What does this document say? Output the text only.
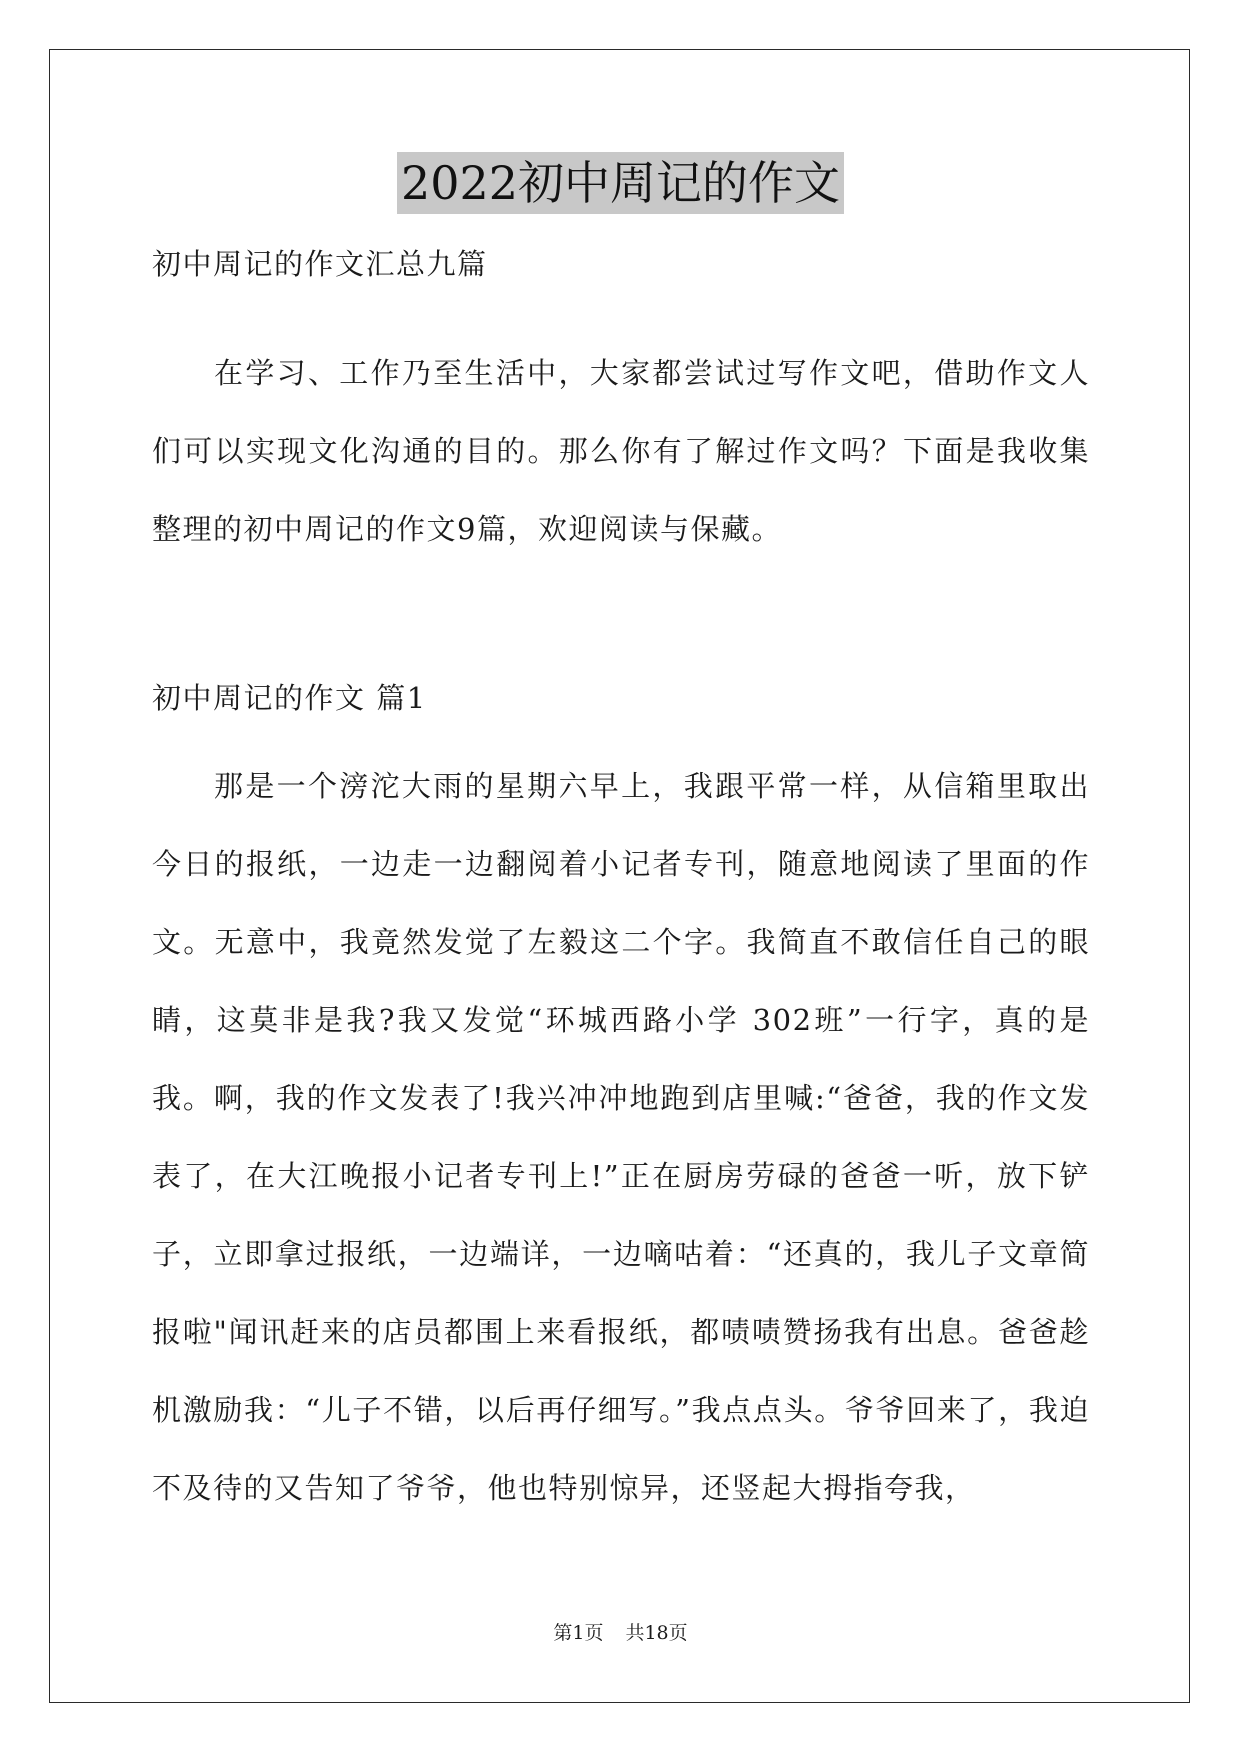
2022初中周记的作文

初中周记的作文汇总九篇

在学习、工作乃至生活中，大家都尝试过写作文吧，借助作文人们可以实现文化沟通的目的。那么你有了解过作文吗？下面是我收集整理的初中周记的作文9篇，欢迎阅读与保藏。

初中周记的作文 篇1

那是一个滂沱大雨的星期六早上，我跟平常一样，从信箱里取出今日的报纸，一边走一边翻阅着小记者专刊，随意地阅读了里面的作文。无意中，我竟然发觉了左毅这二个字。我简直不敢信任自己的眼睛，这莫非是我?我又发觉“环城西路小学 302班”一行字，真的是我。啊，我的作文发表了!我兴冲冲地跑到店里喊:“爸爸，我的作文发表了，在大江晚报小记者专刊上!”正在厨房劳碌的爸爸一听，放下铲子，立即拿过报纸，一边端详，一边嘀咕着：“还真的，我儿子文章简报啦"闻讯赶来的店员都围上来看报纸，都啧啧赞扬我有出息。爸爸趁机激励我：“儿子不错，以后再仔细写。”我点点头。爷爷回来了，我迫不及待的又告知了爷爷，他也特别惊异，还竖起大拇指夸我，

第1页 共18页
